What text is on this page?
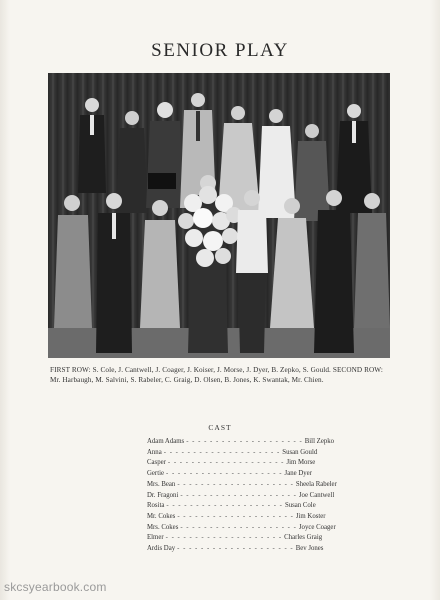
SENIOR PLAY
FIRST ROW: S. Cole, J. Cantwell, J. Coager, J. Koiser, J. Morse, J. Dyer, B. Zepko, S. Gould. SECOND ROW: Mr. Harbaugh, M. Salvini, S. Rabeler, C. Graig, D. Olsen, B. Jones, K. Swantak, Mr. Chien.
CAST
Adam Adams - - - - - - - - - - - - - - - - - - - - Bill Zepko
Anna - - - - - - - - - - - - - - - - - - - - Susan Gould
Casper - - - - - - - - - - - - - - - - - - - - Jim Morse
Gertie - - - - - - - - - - - - - - - - - - - - Jane Dyer
Mrs. Bean - - - - - - - - - - - - - - - - - - - - Sheela Rabeler
Dr. Fragoni - - - - - - - - - - - - - - - - - - - - Joe Cantwell
Rosita - - - - - - - - - - - - - - - - - - - - Susan Cole
Mr. Cokes - - - - - - - - - - - - - - - - - - - - Jim Koster
Mrs. Cokes - - - - - - - - - - - - - - - - - - - - Joyce Coager
Elmer - - - - - - - - - - - - - - - - - - - - Charles Graig
Ardis Day - - - - - - - - - - - - - - - - - - - - Bev Jones
skcsyearbook.com
